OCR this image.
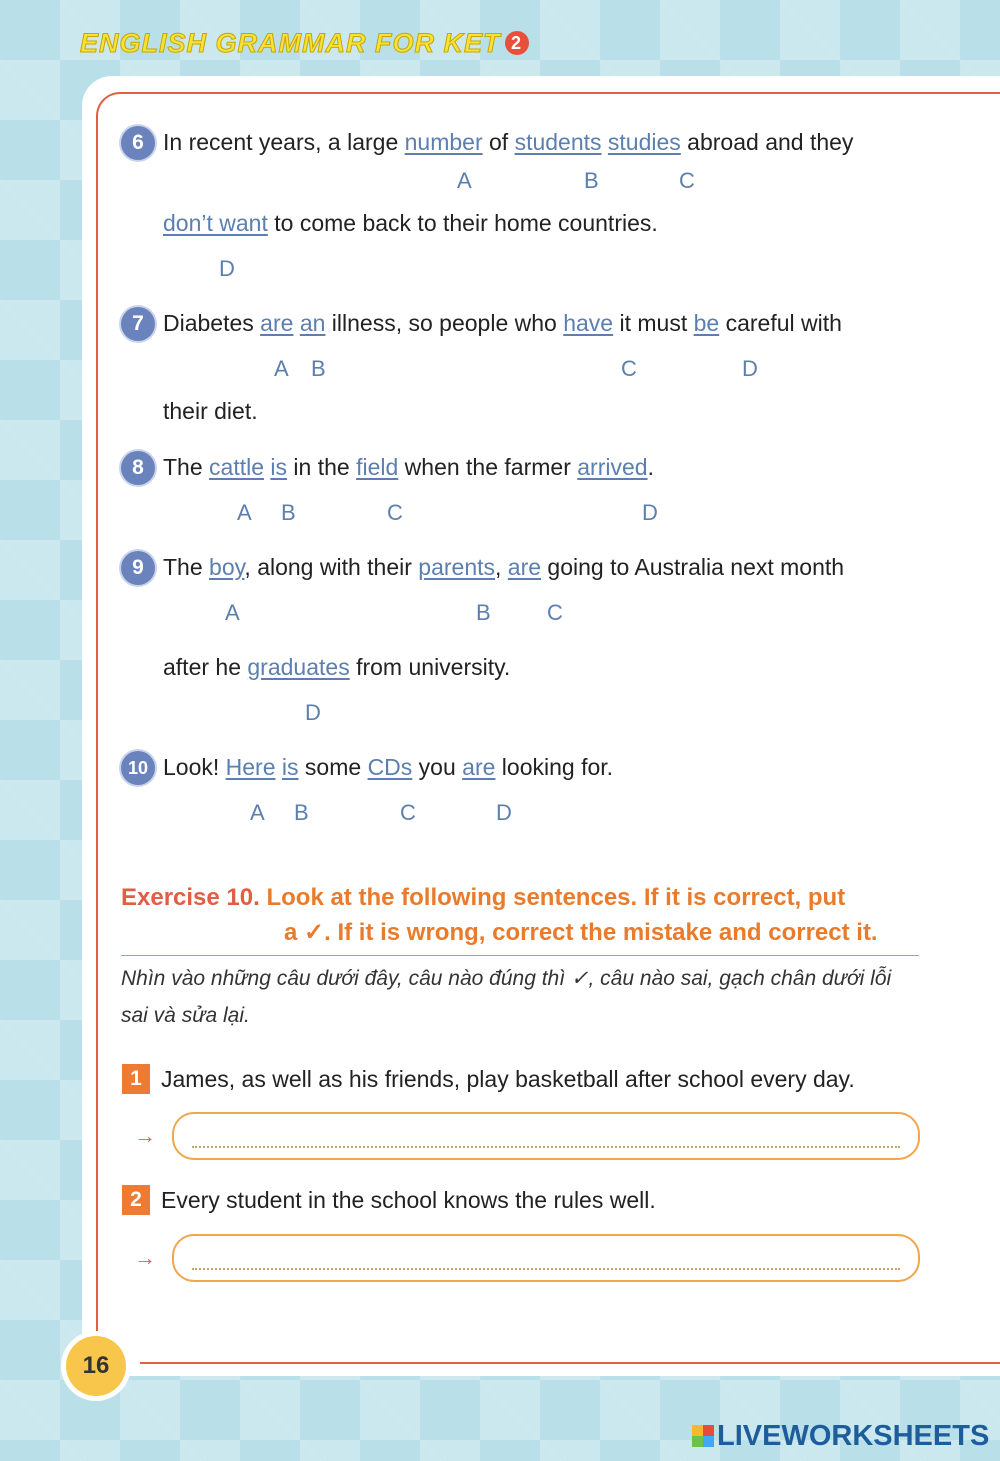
ENGLISH GRAMMAR FOR KET 2
6 In recent years, a large number of students studies abroad and they
A	B	C
don’t want to come back to their home countries.
D
7 Diabetes are an illness, so people who have it must be careful with
A B	C	D
their diet.
8 The cattle is in the field when the farmer arrived.
A B	C	D
9 The boy, along with their parents, are going to Australia next month
A	B	C
after he graduates from university.
D
10 Look! Here is some CDs you are looking for.
A B	C	D
Exercise 10. Look at the following sentences. If it is correct, put
a ✓. If it is wrong, correct the mistake and correct it.
Nhìn vào những câu dưới đây, câu nào đúng thì ✓, câu nào sai, gạch chân dưới lỗi sai và sửa lại.
1 James, as well as his friends, play basketball after school every day.
→
2 Every student in the school knows the rules well.
→
16
LIVEWORKSHEETS
